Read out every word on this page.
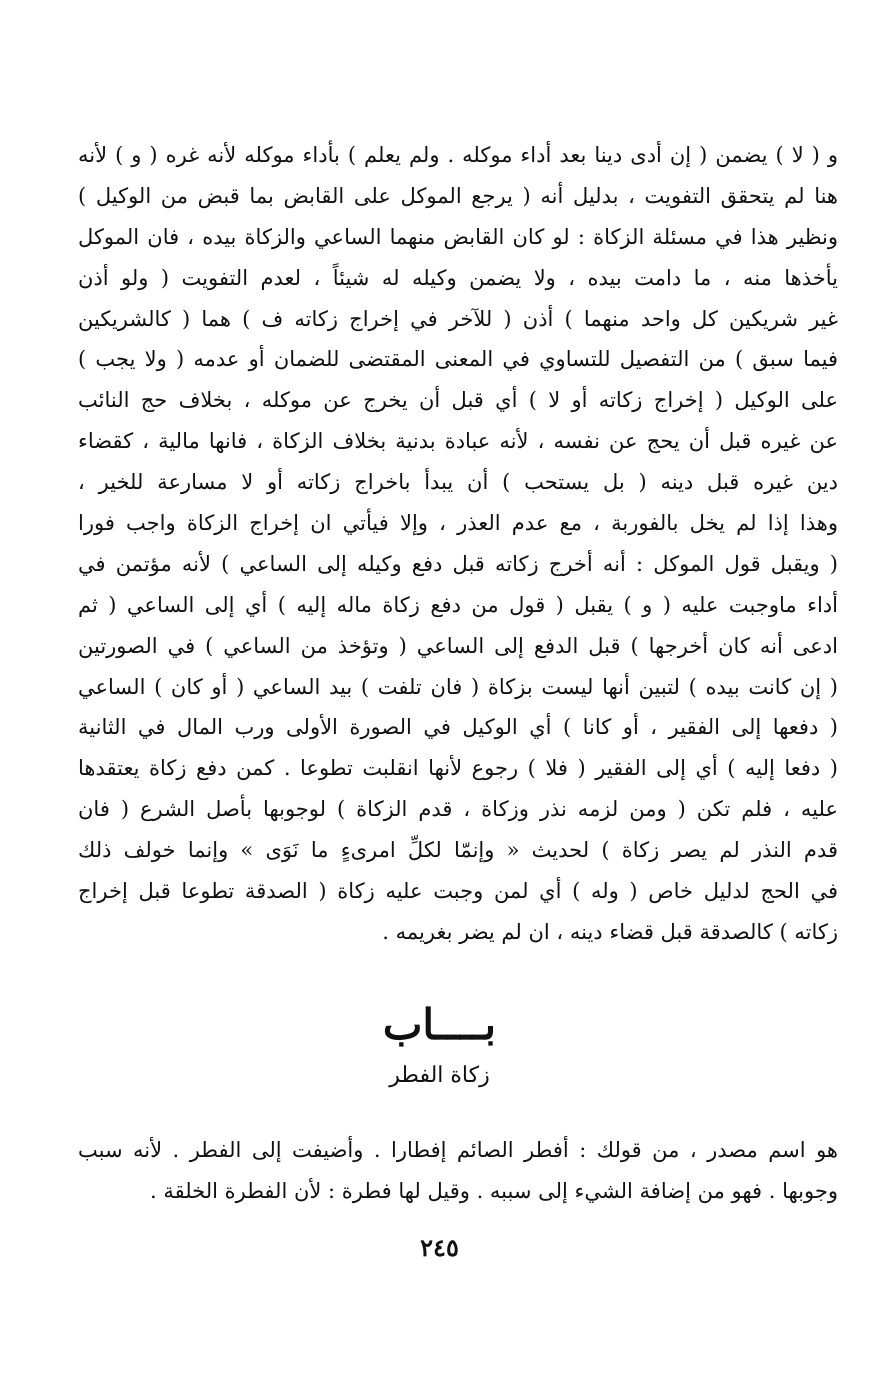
و ( لا ) يضمن ( إن أدى دينا بعد أداء موكله . ولم يعلم ) بأداء موكله لأنه غره ( و ) لأنه
هنا لم يتحقق التفويت ، بدليل أنه ( يرجع الموكل على القابض بما قبض من الوكيل )
ونظير هذا في مسئلة الزكاة : لو كان القابض منهما الساعي والزكاة بيده ، فان الموكل
يأخذها منه ، ما دامت بيده ، ولا يضمن وكيله له شيئاً ، لعدم التفويت ( ولو أذن
غير شريكين كل واحد منهما ) أذن ( للآخر في إخراج زكاته ف ) هما ( كالشريكين
فيما سبق ) من التفصيل للتساوي في المعنى المقتضى للضمان أو عدمه ( ولا يجب )
على الوكيل ( إخراج زكاته أو لا ) أي قبل أن يخرج عن موكله ، بخلاف حج النائب
عن غيره قبل أن يحج عن نفسه ، لأنه عبادة بدنية بخلاف الزكاة ، فانها مالية ، كقضاء
دين غيره قبل دينه ( بل يستحب ) أن يبدأ باخراج زكاته أو لا مسارعة للخير ،
وهذا إذا لم يخل بالفوربة ، مع عدم العذر ، وإلا فيأتي ان إخراج الزكاة واجب فورا
( ويقبل قول الموكل : أنه أخرج زكاته قبل دفع وكيله إلى الساعي ) لأنه مؤتمن في
أداء ماوجبت عليه ( و ) يقبل ( قول من دفع زكاة ماله إليه ) أي إلى الساعي ( ثم
ادعى أنه كان أخرجها ) قبل الدفع إلى الساعي ( وتؤخذ من الساعي ) في الصورتين
( إن كانت بيده ) لتبين أنها ليست بزكاة ( فان تلفت ) بيد الساعي ( أو كان ) الساعي
( دفعها إلى الفقير ، أو كانا ) أي الوكيل في الصورة الأولى ورب المال في الثانية
( دفعا إليه ) أي إلى الفقير ( فلا ) رجوع لأنها انقلبت تطوعا . كمن دفع زكاة يعتقدها
عليه ، فلم تكن ( ومن لزمه نذر وزكاة ، قدم الزكاة ) لوجوبها بأصل الشرع ( فان
قدم النذر لم يصر زكاة ) لحديث « وإنمّا لكلِّ امرىءٍ ما نَوَى » وإنما خولف ذلك
في الحج لدليل خاص ( وله ) أي لمن وجبت عليه زكاة ( الصدقة تطوعا قبل إخراج
زكاته ) كالصدقة قبل قضاء دينه ، ان لم يضر بغريمه .
بــــاب
زكاة الفطر
هو اسم مصدر ، من قولك : أفطر الصائم إفطارا . وأضيفت إلى الفطر . لأنه سبب
وجوبها . فهو من إضافة الشيء إلى سببه . وقيل لها فطرة : لأن الفطرة الخلقة .
٢٤٥
